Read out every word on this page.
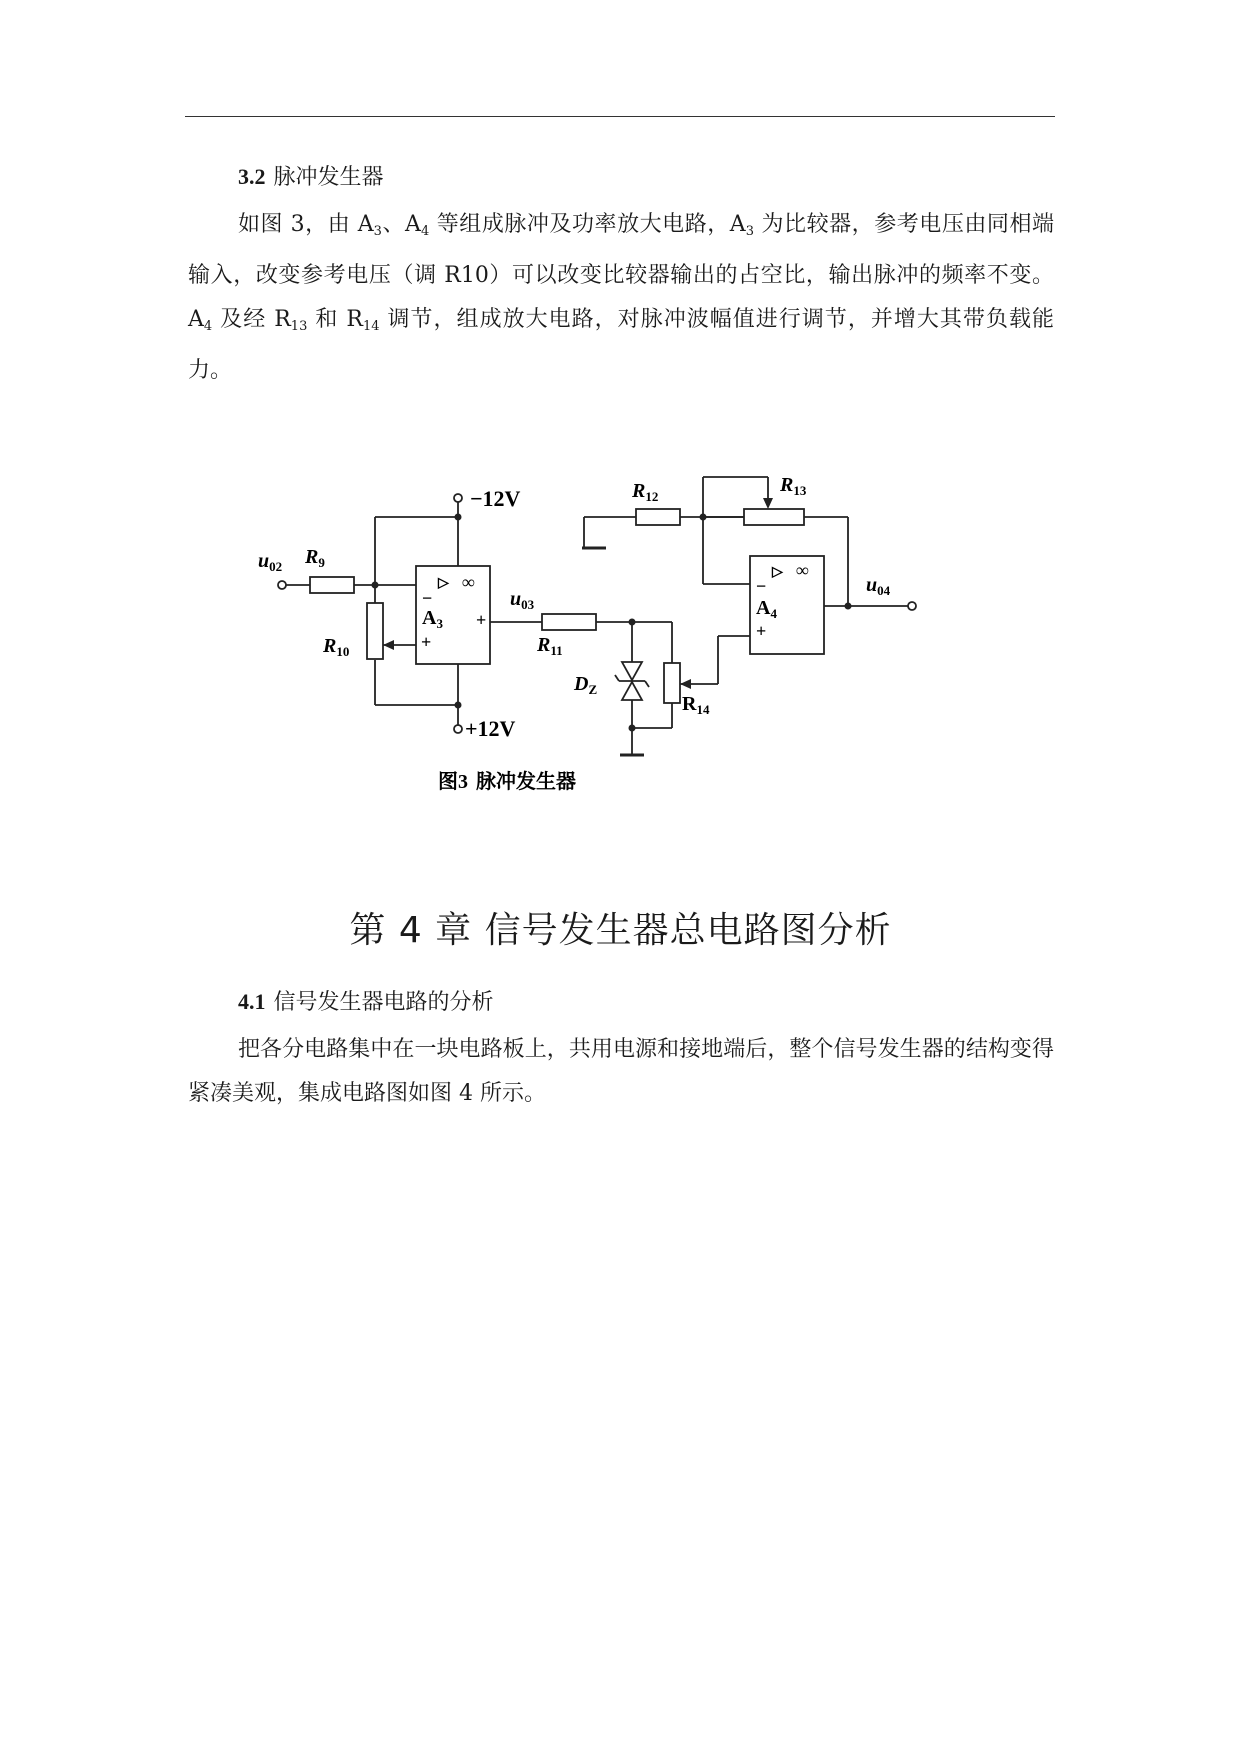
3.2 脉冲发生器

如图 3，由 $A_3$、$A_4$ 等组成脉冲及功率放大电路，$A_3$ 为比较器，参考电压由同相端输入，改变参考电压（调 R10）可以改变比较器输出的占空比，输出脉冲的频率不变。 $A_4$ 及经 $R_{13}$ 和 $R_{14}$ 调节，组成放大电路，对脉冲波幅值进行调节，并增大其带负载能力。

−12V
+12V
$u_{02}$ $R_9$
$R_{10}$
$u_{03}$
$R_{11}$
$D_Z$
$R_{14}$
$R_{12}$
$R_{13}$
$u_{04}$
▷ ∞
−
$A_3$
+
+
▷ ∞
−
$A_4$
+
图3 脉冲发生器
第 4 章 信号发生器总电路图分析
4.1 信号发生器电路的分析

把各分电路集中在一块电路板上，共用电源和接地端后，整个信号发生器的结构变得紧凑美观，集成电路图如图 4 所示。
